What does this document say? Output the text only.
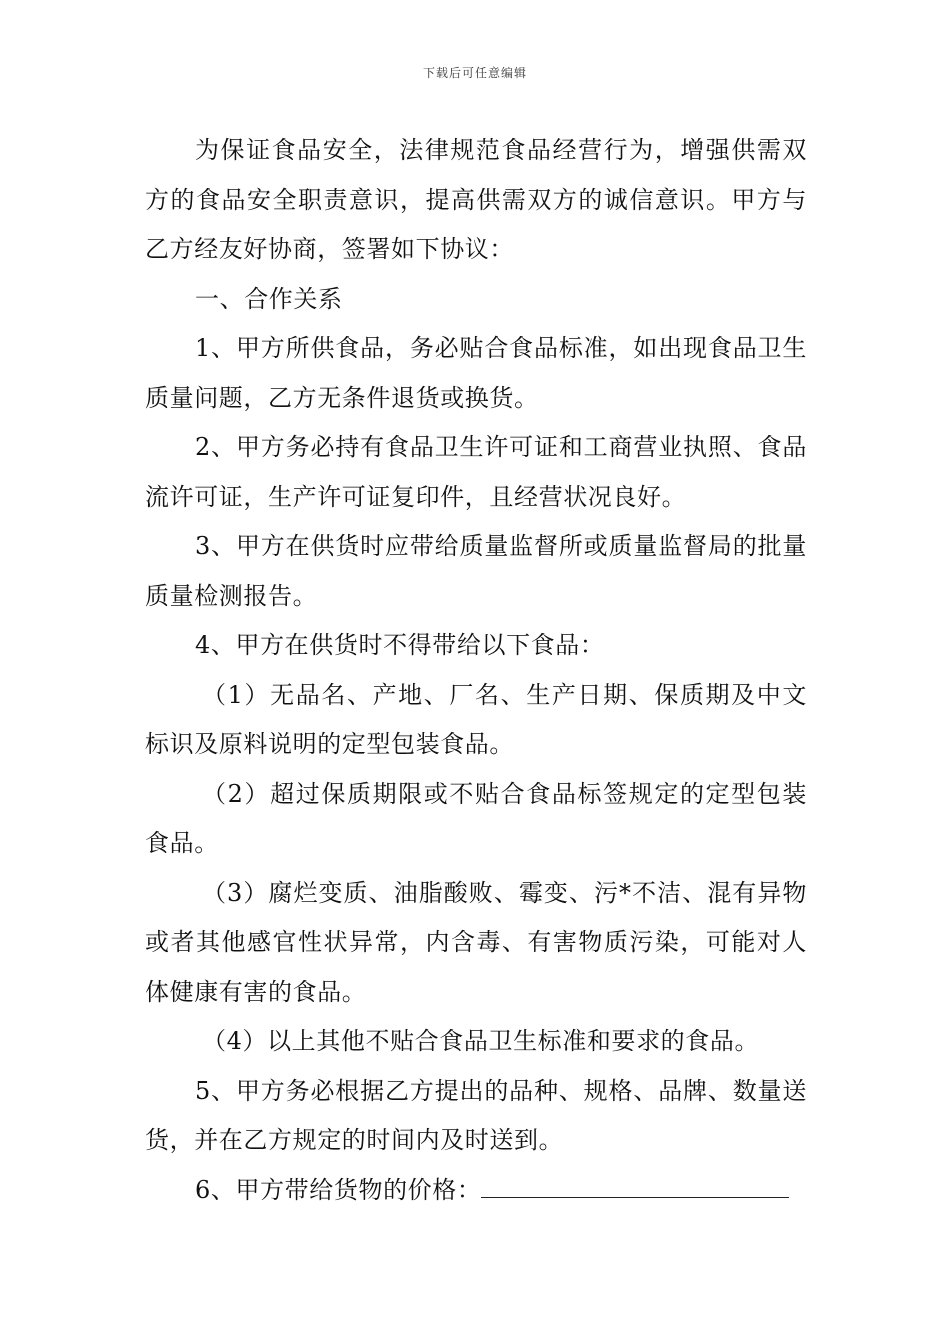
下载后可任意编辑

为保证食品安全，法律规范食品经营行为，增强供需双方的食品安全职责意识，提高供需双方的诚信意识。甲方与乙方经友好协商，签署如下协议：

一、合作关系

1、甲方所供食品，务必贴合食品标准，如出现食品卫生质量问题，乙方无条件退货或换货。

2、甲方务必持有食品卫生许可证和工商营业执照、食品流许可证，生产许可证复印件，且经营状况良好。

3、甲方在供货时应带给质量监督所或质量监督局的批量质量检测报告。

4、甲方在供货时不得带给以下食品：

（1）无品名、产地、厂名、生产日期、保质期及中文标识及原料说明的定型包装食品。

（2）超过保质期限或不贴合食品标签规定的定型包装食品。

（3）腐烂变质、油脂酸败、霉变、污*不洁、混有异物或者其他感官性状异常，内含毒、有害物质污染，可能对人体健康有害的食品。

（4）以上其他不贴合食品卫生标准和要求的食品。

5、甲方务必根据乙方提出的品种、规格、品牌、数量送货，并在乙方规定的时间内及时送到。

6、甲方带给货物的价格：
